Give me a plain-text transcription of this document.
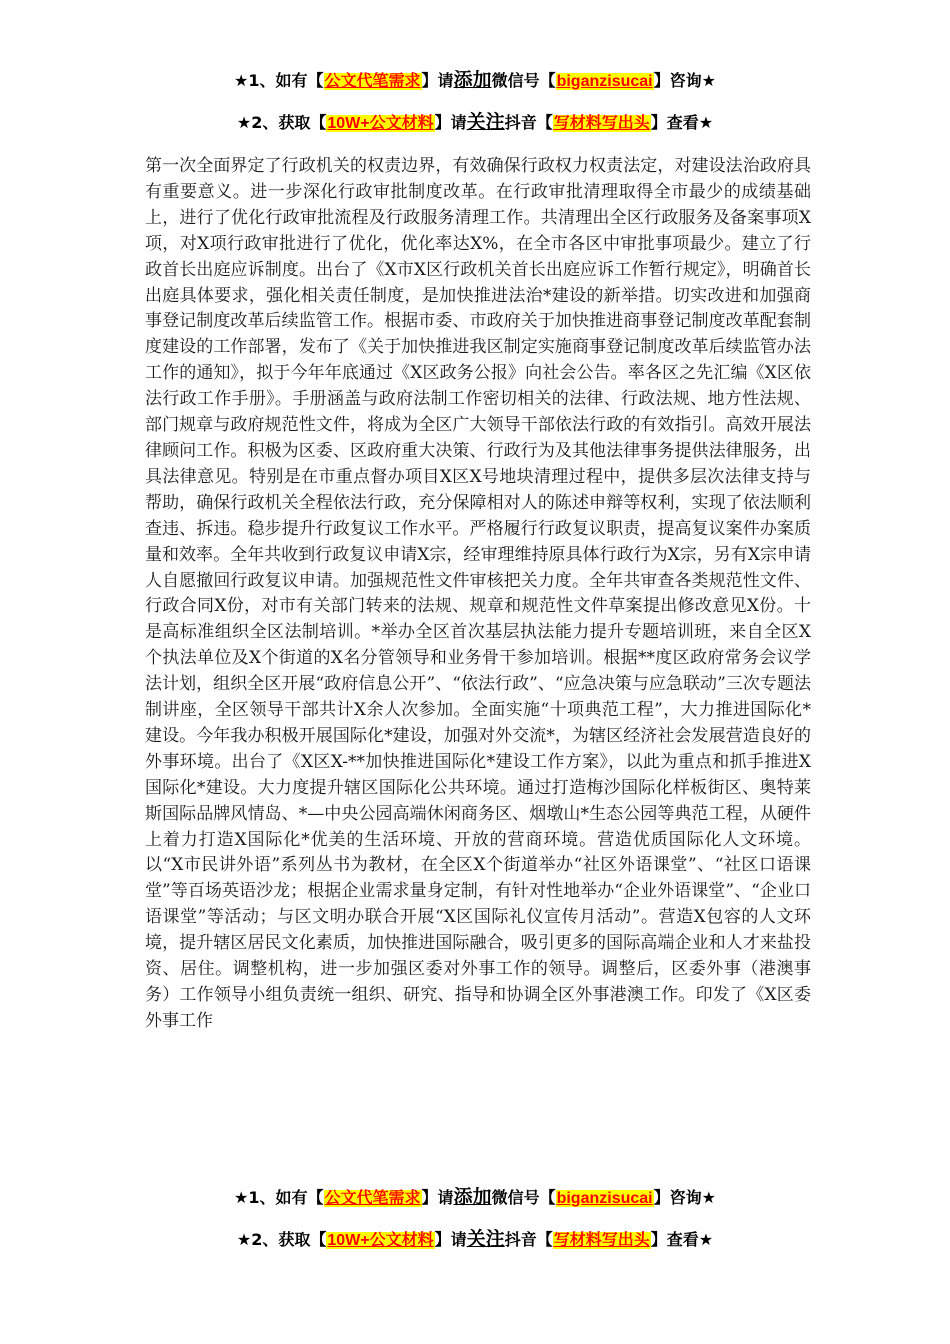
★1、如有【公文代笔需求】请添加微信号【biganzisucai】咨询★
★2、获取【10W+公文材料】请关注抖音【写材料写出头】查看★

第一次全面界定了行政机关的权责边界，有效确保行政权力权责法定，对建设法治政府具有重要意义。进一步深化行政审批制度改革。在行政审批清理取得全市最少的成绩基础上，进行了优化行政审批流程及行政服务清理工作。共清理出全区行政服务及备案事项X项，对X项行政审批进行了优化，优化率达X%，在全市各区中审批事项最少。建立了行政首长出庭应诉制度。出台了《X市X区行政机关首长出庭应诉工作暂行规定》，明确首长出庭具体要求，强化相关责任制度，是加快推进法治*建设的新举措。切实改进和加强商事登记制度改革后续监管工作。根据市委、市政府关于加快推进商事登记制度改革配套制度建设的工作部署，发布了《关于加快推进我区制定实施商事登记制度改革后续监管办法工作的通知》，拟于今年年底通过《X区政务公报》向社会公告。率各区之先汇编《X区依法行政工作手册》。手册涵盖与政府法制工作密切相关的法律、行政法规、地方性法规、部门规章与政府规范性文件，将成为全区广大领导干部依法行政的有效指引。高效开展法律顾问工作。积极为区委、区政府重大决策、行政行为及其他法律事务提供法律服务，出具法律意见。特别是在市重点督办项目X区X号地块清理过程中，提供多层次法律支持与帮助，确保行政机关全程依法行政，充分保障相对人的陈述申辩等权利，实现了依法顺利查违、拆违。稳步提升行政复议工作水平。严格履行行政复议职责，提高复议案件办案质量和效率。全年共收到行政复议申请X宗，经审理维持原具体行政行为X宗，另有X宗申请人自愿撤回行政复议申请。加强规范性文件审核把关力度。全年共审查各类规范性文件、行政合同X份，对市有关部门转来的法规、规章和规范性文件草案提出修改意见X份。十是高标准组织全区法制培训。*举办全区首次基层执法能力提升专题培训班，来自全区X个执法单位及X个街道的X名分管领导和业务骨干参加培训。根据**度区政府常务会议学法计划，组织全区开展“政府信息公开”、“依法行政”、“应急决策与应急联动”三次专题法制讲座，全区领导干部共计X余人次参加。全面实施“十项典范工程”，大力推进国际化*建设。今年我办积极开展国际化*建设，加强对外交流*，为辖区经济社会发展营造良好的外事环境。出台了《X区X-**加快推进国际化*建设工作方案》，以此为重点和抓手推进X国际化*建设。大力度提升辖区国际化公共环境。通过打造梅沙国际化样板街区、奥特莱斯国际品牌风情岛、*—中央公园高端休闲商务区、烟墩山*生态公园等典范工程，从硬件上着力打造X国际化*优美的生活环境、开放的营商环境。营造优质国际化人文环境。以“X市民讲外语”系列丛书为教材，在全区X个街道举办“社区外语课堂”、“社区口语课堂”等百场英语沙龙；根据企业需求量身定制，有针对性地举办“企业外语课堂”、“企业口语课堂”等活动；与区文明办联合开展“X区国际礼仪宣传月活动”。营造X包容的人文环境，提升辖区居民文化素质，加快推进国际融合，吸引更多的国际高端企业和人才来盐投资、居住。调整机构，进一步加强区委对外事工作的领导。调整后，区委外事（港澳事务）工作领导小组负责统一组织、研究、指导和协调全区外事港澳工作。印发了《X区委外事工作

★1、如有【公文代笔需求】请添加微信号【biganzisucai】咨询★
★2、获取【10W+公文材料】请关注抖音【写材料写出头】查看★
